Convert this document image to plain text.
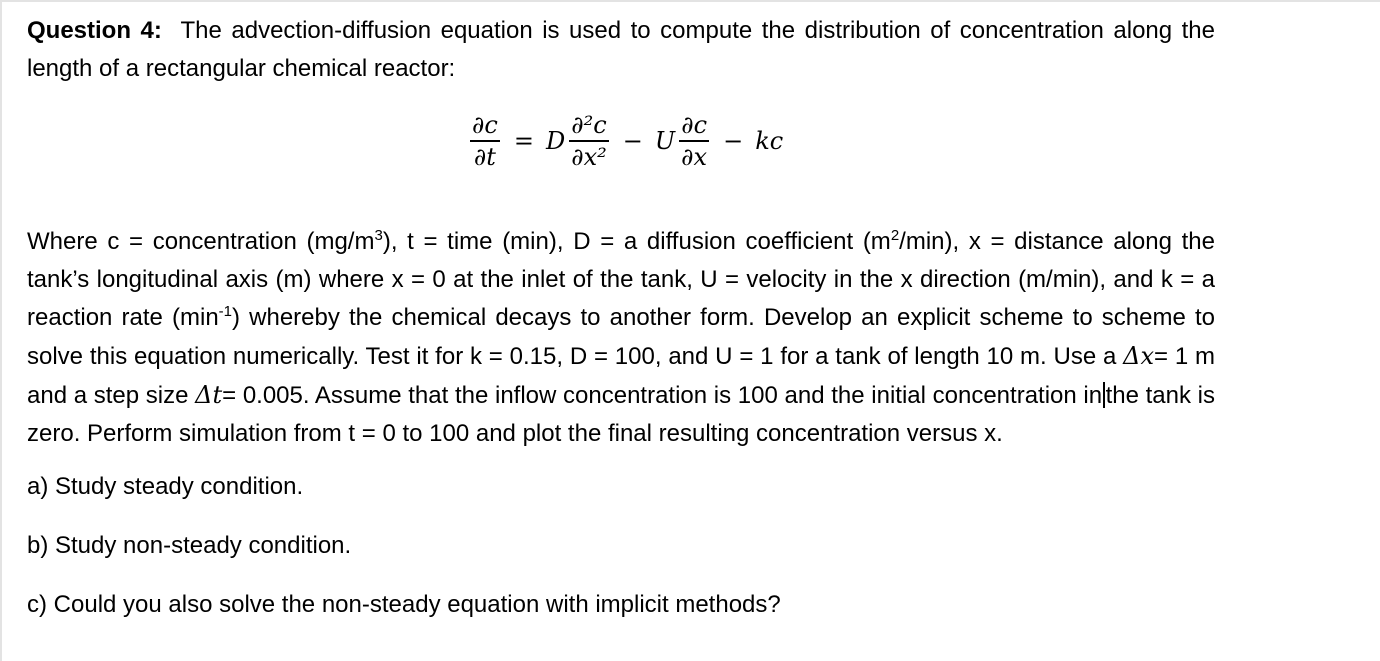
Question 4: The advection-diffusion equation is used to compute the distribution of concentration along the length of a rectangular chemical reactor:

$\frac{\partial c}{\partial t} = D \frac{\text{∂²c}}{\text{∂x²}} - U \frac{\partial c}{\partial x}$ − kc

Where c = concentration $(mg/m^3)$, t = time (min), D = a diffusion coefficient $(m^2/\min)$, x = distance along the tank’s longitudinal axis (m) where x = 0 at the inlet of the tank, U = velocity in the x direction (m/min), and k = a reaction rate $(\min^{-1})$ whereby the chemical decays to another form. Develop an explicit scheme to scheme to solve this equation numerically. Test it for k = 0.15, D = 100, and U = 1 for a tank of length 10 m. Use a Δx= 1 m and a step size Δt= 0.005. Assume that the inflow concentration is 100 and the initial concentration in the tank is zero. Perform simulation from t = 0 to 100 and plot the final resulting concentration versus x.

a) Study steady condition.

b) Study non-steady condition.

c) Could you also solve the non-steady equation with implicit methods?
